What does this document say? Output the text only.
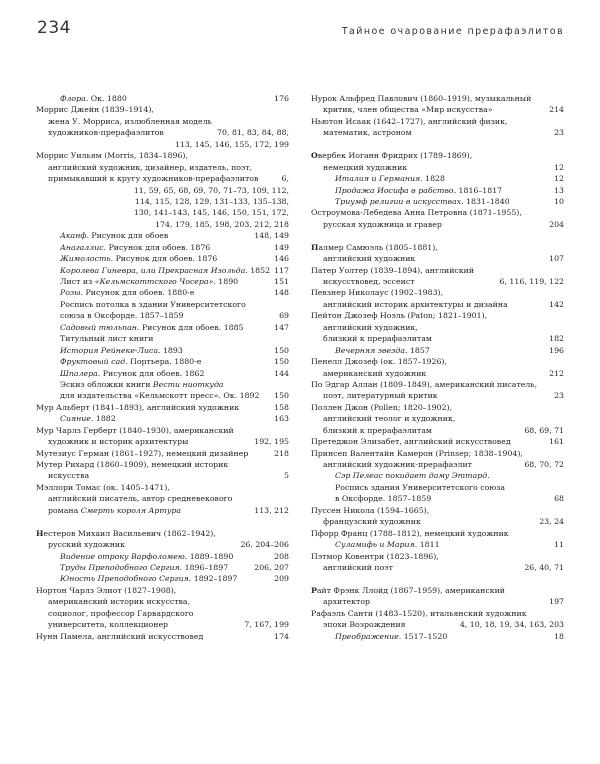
234	Тайное очарование прерафаэлитов
Флора. Ок. 1880	176
Моррис Джейн (1839–1914),
жена У. Морриса, излюбленная модель
художников-прерафаэлитов	70, 81, 83, 84, 88,
113, 145, 146, 155, 172, 199
Моррис Уильям (Morris, 1834–1896),
английский художник, дизайнер, издатель, поэт,
примыкавший к кругу художников-прерафаэлитов	6,
11, 59, 65, 68, 69, 70, 71–73, 109, 112,
114, 115, 128, 129, 131–133, 135–138,
130, 141–143, 145, 146, 150, 151, 172,
174, 179, 185, 198, 203, 212, 218
Аканф. Рисунок для обоев	148, 149
Анагаллис. Рисунок для обоев. 1876	149
Жимолость. Рисунок для обоев. 1876	146
Королева Гиневра, или Прекрасная Изольда. 1852 117
Лист из «Кельмскоттского Чосера». 1890	151
Розы. Рисунок для обоев. 1880-е	148
Роспись потолка в здании Университетского
союза в Оксфорде. 1857–1859	69
Садовый тюльпан. Рисунок для обоев. 1885	147
Титульный лист книги
История Рейнеке-Лиса. 1893	150
Фруктовый сад. Портьера. 1880-е	150
Шпалера. Рисунок для обоев. 1862	144
Эскиз обложки книги Вести ниоткуда
для издательства «Кельмскотт пресс». Ок. 1892	150
Мур Альберт (1841–1893), английский художник	158
Сияние. 1882	163
Мур Чарлз Герберт (1840–1930), американский
художник и историк архитектуры	192, 195
Мутезиус Герман (1861–1927), немецкий дизайнер	218
Мутер Рихард (1860–1909), немецкий историк
искусства	5
Мэллори Томас (ок. 1405–1471),
английский писатель, автор средневекового
романа Смерть короля Артура	113, 212
Нестеров Михаил Васильевич (1862–1942),
русский художник	26, 204–206
Видение отроку Варфоломею. 1889–1890	208
Труды Преподобного Сергия. 1896–1897	206, 207
Юность Преподобного Сергия. 1892–1897	209
Нортон Чарлз Элиот (1827–1908),
американский историк искусства,
социолог, профессор Гарвардского
университета, коллекционер	7, 167, 199
Нунн Памела, английский искусствовед	174
Нурок Альфред Павлович (1860–1919), музыкальный
критик, член общества «Мир искусства»	214
Ньютон Исаак (1642–1727), английский физик,
математик, астроном	23
Овербек Иоганн Фридрих (1789–1869),
немецкий художник	12
Италия и Германия. 1828	12
Продажа Иосифа в рабство. 1816–1817	13
Триумф религии в искусствах. 1831–1840	10
Остроумова-Лебедева Анна Петровна (1871–1955),
русская художница и гравер	204
Палмер Самюэль (1805–1881),
английский художник	107
Патер Уолтер (1839–1894), английский
искусствовед, эссеист	6, 116, 119, 122
Певзнер Николаус (1902–1983),
английский историк архитектуры и дизайна	142
Пейтон Джозеф Ноэль (Paton; 1821–1901),
английский художник,
близкий к прерафаэлитам	182
Вечерняя звезда. 1857	196
Пенелл Джозеф (ок. 1857–1926),
американский художник	212
По Эдгар Аллан (1809–1849), американский писатель,
поэт, литературный критик	23
Поллен Джон (Pollen; 1820–1902),
английский теолог и художник,
близкий к прерафаэлитам	68, 69, 71
Претеджон Элизабет, английский искусствовед	161
Принсеп Валентайн Камерон (Prinsep; 1838–1904),
английский художник-прерафаэлит	68, 70, 72
Сэр Пелеас покидает даму Эттард.
Роспись здания Университетского союза
в Оксфорде. 1857–1859	68
Пуссен Никола (1594–1665),
французский художник	23, 24
Пфорр Франц (1788–1812), немецкий художник
Суламифь и Мария. 1811	11
Пэтмор Ковентри (1823–1896),
английский поэт	26, 40, 71
Райт Фрэнк Ллойд (1867–1959), американский
архитектор	197
Рафаэль Санти (1483–1520), итальянский художник
эпохи Возрождения	4, 10, 18, 19, 34, 163, 203
Преображение. 1517–1520	18
